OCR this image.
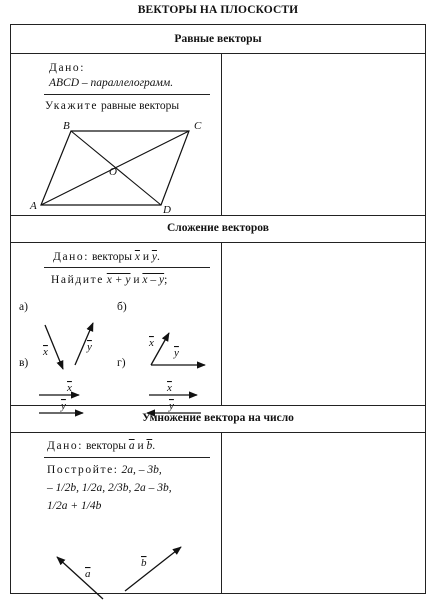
ВЕКТОРЫ НА ПЛОСКОСТИ
Равные векторы
Дано:
ABCD – параллелограмм.
Укажите равные векторы
A
B	C
D
O
Сложение векторов
Дано: векторы $\overline{x}$ и $\overline{y}$.
Найдите x + y и x – y;
а)	б)
в)	г)
x	y	x
y
x
y
x
y
Умножение вектора на число
Дано: векторы $\overline{a}$ и $\overline{b}$.
Постройте: 2a, – 3b,
– 1/2b, 1/2a, 2/3b, 2a – 3b,
1/2a + 1/4b
a
b
